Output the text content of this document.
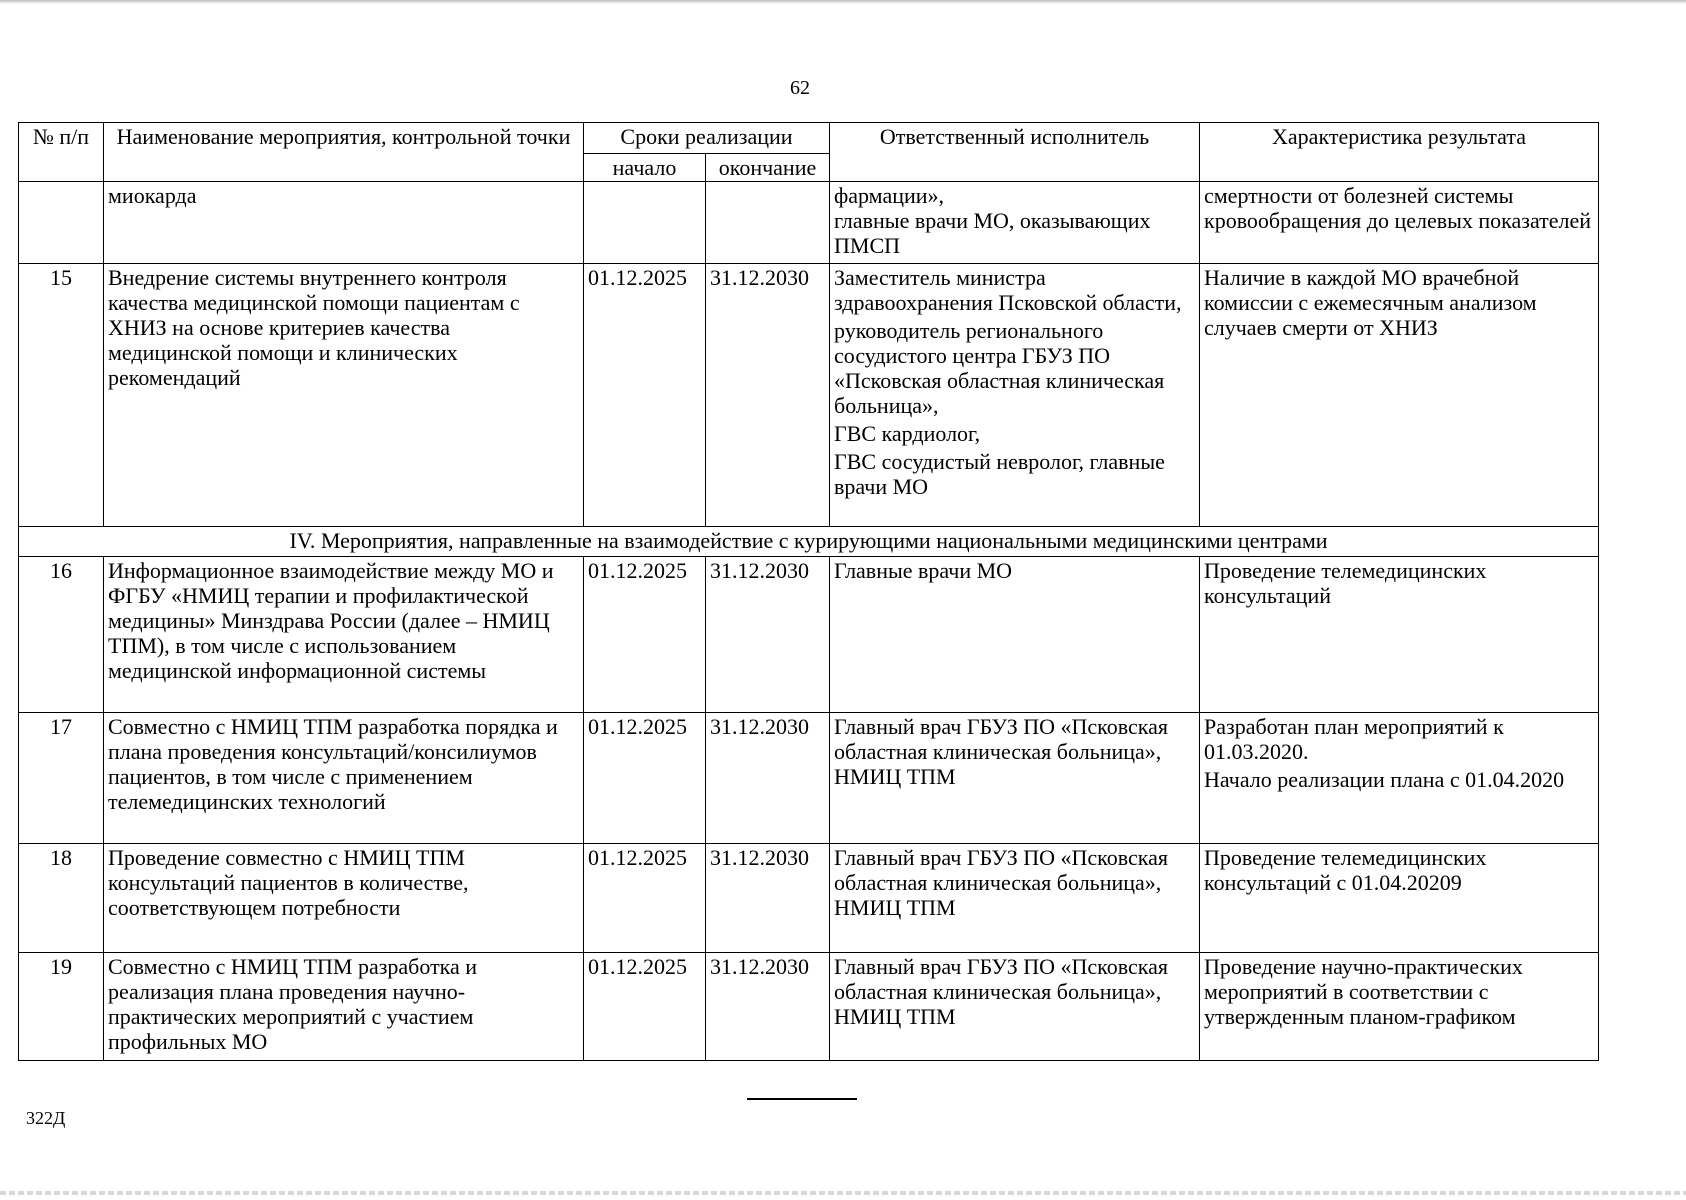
62
№ п/п	Наименование мероприятия, контрольной точки	Сроки реализации		Ответственный исполнитель	Характеристика результата
		начало	окончание		
	миокарда			фармации»,
главные врачи МО, оказывающих ПМСП	смертности от болезней системы кровообращения до целевых показателей

15	Внедрение системы внутреннего контроля качества медицинской помощи пациентам с ХНИЗ на основе критериев качества медицинской помощи и клинических рекомендаций	01.12.2025	31.12.2030	Заместитель министра здравоохранения Псковской области,
руководитель регионального сосудистого центра ГБУЗ ПО «Псковская областная клиническая больница»,
ГВС кардиолог,
ГВС сосудистый невролог, главные врачи МО	Наличие в каждой МО врачебной комиссии с ежемесячным анализом случаев смерти от ХНИЗ

IV. Мероприятия, направленные на взаимодействие с курирующими национальными медицинскими центрами					
16	Информационное взаимодействие между МО и ФГБУ «НМИЦ терапии и профилактической медицины» Минздрава России (далее – НМИЦ ТПМ), в том числе с использованием медицинской информационной системы	01.12.2025	31.12.2030	Главные врачи МО	Проведение телемедицинских консультаций

17	Совместно с НМИЦ ТПМ разработка порядка и плана проведения консультаций/консилиумов пациентов, в том числе с применением телемедицинских технологий	01.12.2025	31.12.2030	Главный врач ГБУЗ ПО «Псковская областная клиническая больница»,
НМИЦ ТПМ	Разработан план мероприятий к 01.03.2020.
Начало реализации плана с 01.04.2020

18	Проведение совместно с НМИЦ ТПМ консультаций пациентов в количестве, соответствующем потребности	01.12.2025	31.12.2030	Главный врач ГБУЗ ПО «Псковская областная клиническая больница»,
НМИЦ ТПМ	Проведение телемедицинских консультаций с 01.04.20209

19	Совместно с НМИЦ ТПМ разработка и реализация плана проведения научно-практических мероприятий с участием профильных МО	01.12.2025	31.12.2030	Главный врач ГБУЗ ПО «Псковская областная клиническая больница»,
НМИЦ ТПМ	Проведение научно-практических мероприятий в соответствии с утвержденным планом-графиком
322Д
